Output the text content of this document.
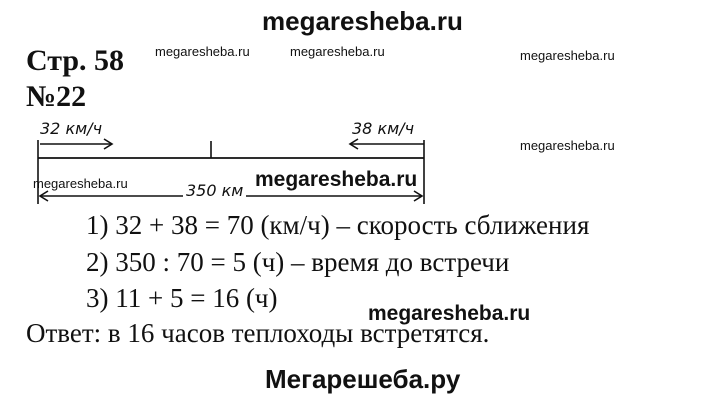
megaresheba.ru
Стр. 58
№22
megaresheba.ru	megaresheba.ru	megaresheba.ru
megaresheba.ru
megaresheba.ru
32 км/ч	38 км/ч
350 км megaresheba.ru
1) 32 + 38 = 70 (км/ч) – скорость сближения
2) 350 : 70 = 5 (ч) – время до встречи
3) 11 + 5 = 16 (ч)
megaresheba.ru
Ответ: в 16 часов теплоходы встретятся.
Мегарешеба.ру
